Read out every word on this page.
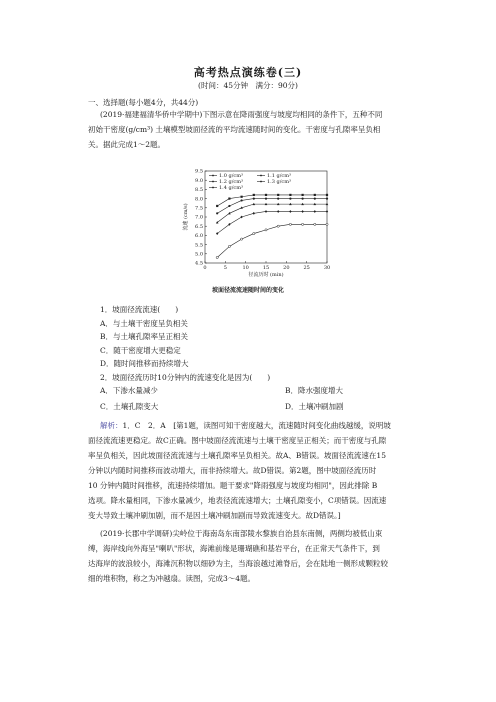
高考热点演练卷(三)
(时间：45分钟　满分：90分)
一、选择题(每小题4分，共44分)
(2019·福建福清华侨中学期中)下图示意在降雨强度与坡度均相同的条件下，五种不同
初始干密度(g/cm³) 土壤模型坡面径流的平均流速随时间的变化。干密度与孔隙率呈负相
关。据此完成1～2题。
4.5
5.0
5.5
6.0
6.5
7.0
7.5
8.0
8.5
9.0
9.5
0	5	10	15	20	25	30
径流历时 (min)
流速 (cm/s)
1.0 g/cm³	1.1 g/cm³
1.2 g/cm³	1.3 g/cm³
1.4 g/cm³
坡面径流流速随时间的变化
1．坡面径流流速(　　)
A．与土壤干密度呈负相关
B．与土壤孔隙率呈正相关
C．随干密度增大更稳定
D．随时间推移而持续增大
2．坡面径流历时10分钟内的流速变化是因为(　　)
A．下渗水量减少	B．降水强度增大
C．土壤孔隙变大	D．土壤冲刷加剧
解析：1．C　2．A　[第1题，读图可知干密度越大，流速随时间变化曲线越缓，说明坡
面径流流速更稳定。故C正确。图中坡面径流流速与土壤干密度呈正相关；而干密度与孔隙
率呈负相关，因此坡面径流流速与土壤孔隙率呈负相关。故A、B错误。坡面径流流速在15
分钟以内随时间推移而波动增大，而非持续增大。故D错误。第2题，图中坡面径流历时
10 分钟内随时间推移，流速持续增加。题干要求"降雨强度与坡度均相同"，因此排除 B
选项。降水量相同，下渗水量减少，地表径流流速增大；土壤孔隙变小，C项错误。因流速
变大导致土壤冲刷加剧，而不是因土壤冲刷加剧而导致流速变大。故D错误。]
(2019·长郡中学调研)尖岭位于海南岛东南部陵水黎族自治县东南侧，两侧均被低山束
缚，海岸线向外海呈"喇叭"形状，海滩前缘是珊瑚礁和基岩平台，在正常天气条件下，到
达海岸的波浪较小，海滩沉积物以细砂为主，当海浪越过滩脊后，会在陆地一侧形成颗粒较
细的堆积物，称之为冲越扇。读图，完成3～4题。
